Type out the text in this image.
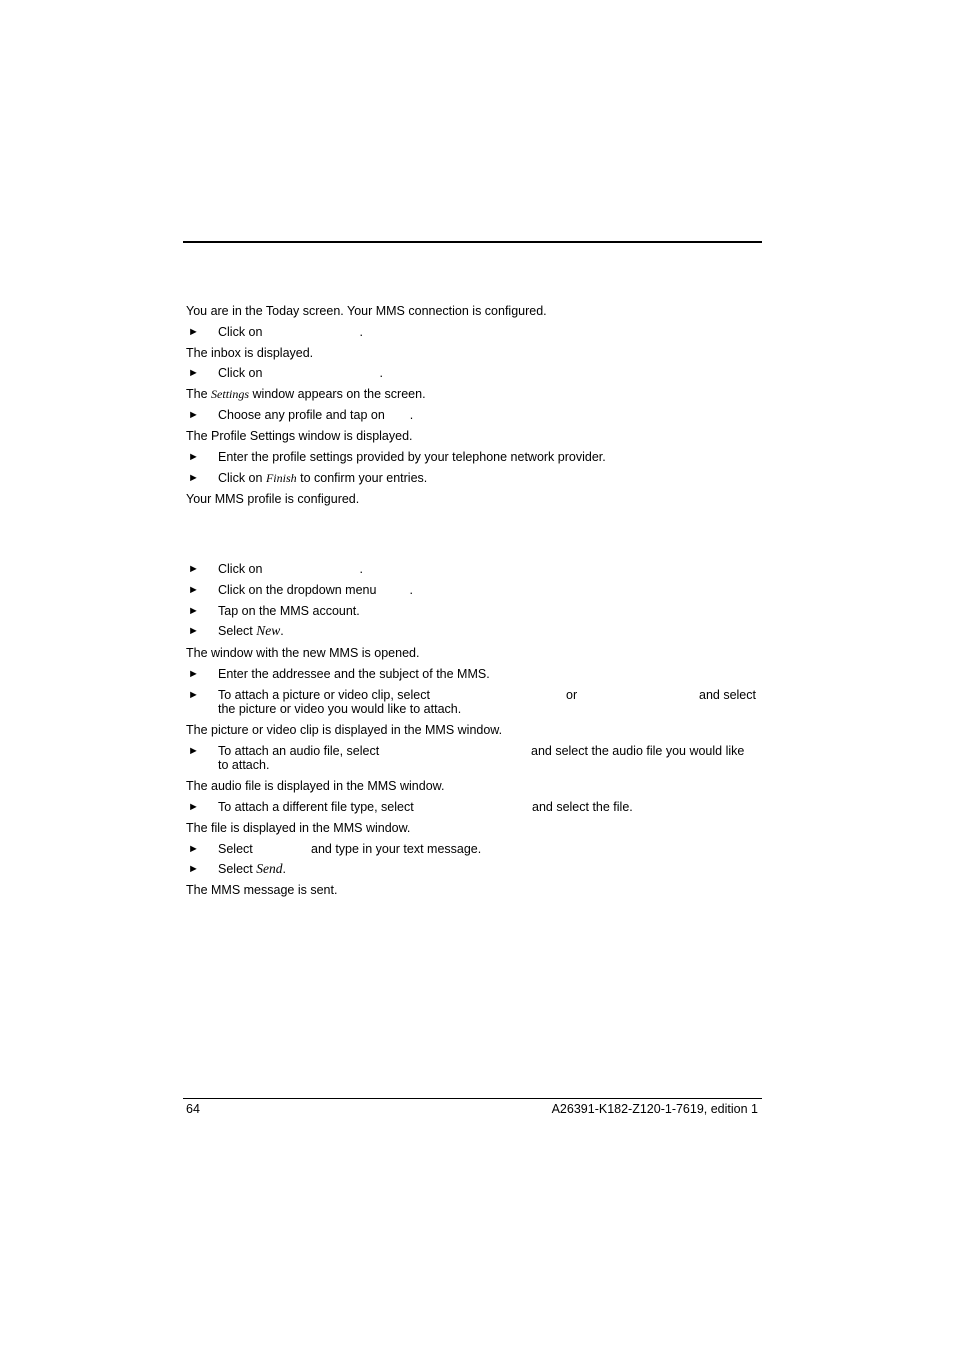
You are in the Today screen. Your MMS connection is configured.
► Click on	.
The inbox is displayed.
► Click on	.
The Settings window appears on the screen.
► Choose any profile and tap on .
The Profile Settings window is displayed.
► Enter the profile settings provided by your telephone network provider.
► Click on Finish to confirm your entries.
Your MMS profile is configured.
► Click on	.
► Click on the dropdown menu	.
► Tap on the MMS account.
► Select New.
The window with the new MMS is opened.
► Enter the addressee and the subject of the MMS.
► To attach a picture or video clip, select	or	and select

the picture or video you would like to attach.
The picture or video clip is displayed in the MMS window.
► To attach an audio file, select	and select the audio file you would like

to attach.
The audio file is displayed in the MMS window.
► To attach a different file type, select	and select the file.
The file is displayed in the MMS window.
► Select	and type in your text message.
► Select Send.
The MMS message is sent.
64	A26391-K182-Z120-1-7619, edition 1
